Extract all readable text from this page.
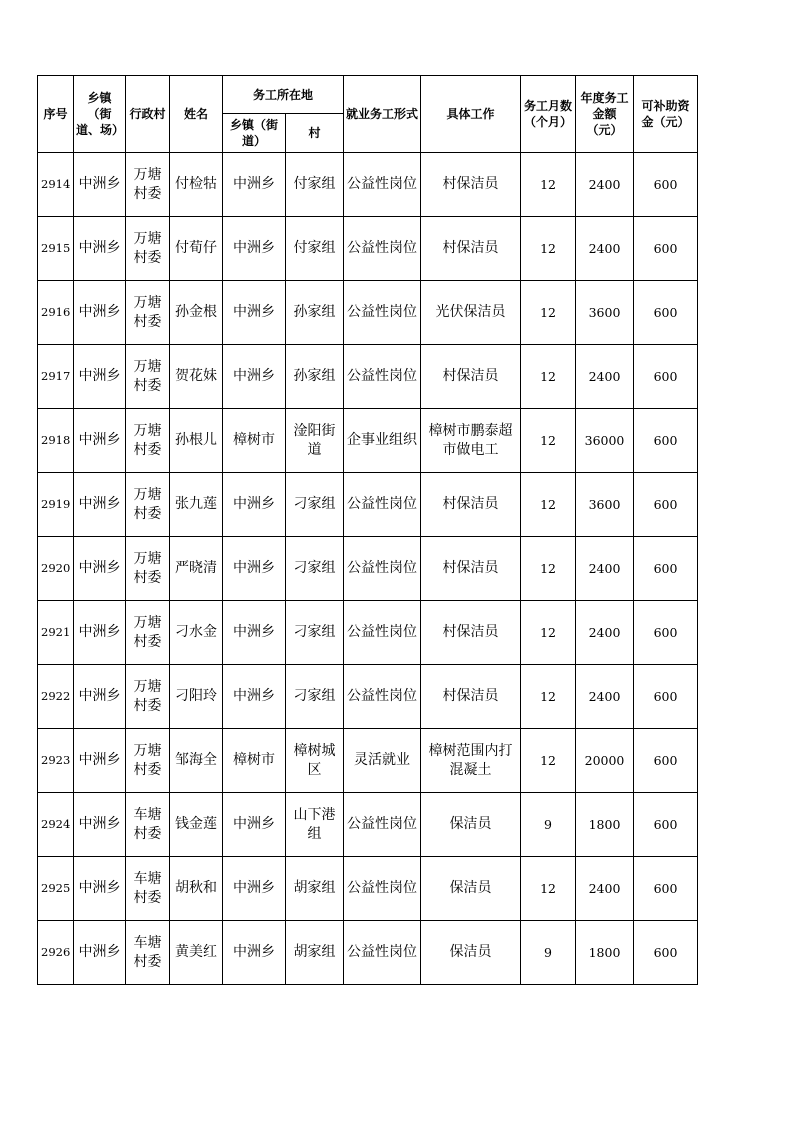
序号	乡镇（街道、场）	行政村	姓名	务工所在地		就业务工形式	具体工作	务工月数（个月）	年度务工金额（元）	可补助资金（元）
				乡镇（街道）	村					
2914	中洲乡	万塘村委	付检牯	中洲乡	付家组	公益性岗位	村保洁员	12	2400	600
2915	中洲乡	万塘村委	付荀仔	中洲乡	付家组	公益性岗位	村保洁员	12	2400	600
2916	中洲乡	万塘村委	孙金根	中洲乡	孙家组	公益性岗位	光伏保洁员	12	3600	600
2917	中洲乡	万塘村委	贺花妹	中洲乡	孙家组	公益性岗位	村保洁员	12	2400	600
2918	中洲乡	万塘村委	孙根儿	樟树市	淦阳街道	企事业组织	樟树市鹏泰超市做电工	12	36000	600
2919	中洲乡	万塘村委	张九莲	中洲乡	刁家组	公益性岗位	村保洁员	12	3600	600
2920	中洲乡	万塘村委	严晓清	中洲乡	刁家组	公益性岗位	村保洁员	12	2400	600
2921	中洲乡	万塘村委	刁水金	中洲乡	刁家组	公益性岗位	村保洁员	12	2400	600
2922	中洲乡	万塘村委	刁阳玲	中洲乡	刁家组	公益性岗位	村保洁员	12	2400	600
2923	中洲乡	万塘村委	邹海全	樟树市	樟树城区	灵活就业	樟树范围内打混凝土	12	20000	600
2924	中洲乡	车塘村委	钱金莲	中洲乡	山下港组	公益性岗位	保洁员	9	1800	600
2925	中洲乡	车塘村委	胡秋和	中洲乡	胡家组	公益性岗位	保洁员	12	2400	600
2926	中洲乡	车塘村委	黄美红	中洲乡	胡家组	公益性岗位	保洁员	9	1800	600
